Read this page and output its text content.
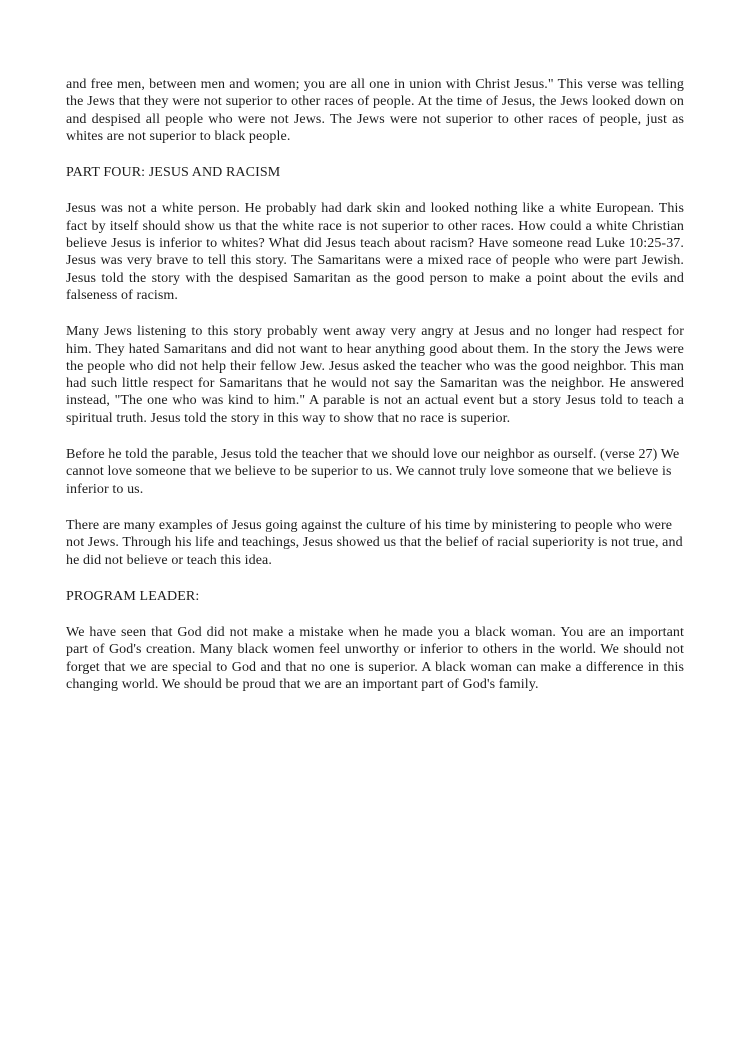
and free men, between men and women; you are all one in union with Christ Jesus." This verse was telling the Jews that they were not superior to other races of people. At the time of Jesus, the Jews looked down on and despised all people who were not Jews. The Jews were not superior to other races of people, just as whites are not superior to black people.

PART FOUR: JESUS AND RACISM

Jesus was not a white person. He probably had dark skin and looked nothing like a white European. This fact by itself should show us that the white race is not superior to other races. How could a white Christian believe Jesus is inferior to whites? What did Jesus teach about racism? Have someone read Luke 10:25-37. Jesus was very brave to tell this story. The Samaritans were a mixed race of people who were part Jewish. Jesus told the story with the despised Samaritan as the good person to make a point about the evils and falseness of racism.

Many Jews listening to this story probably went away very angry at Jesus and no longer had respect for him. They hated Samaritans and did not want to hear anything good about them. In the story the Jews were the people who did not help their fellow Jew. Jesus asked the teacher who was the good neighbor. This man had such little respect for Samaritans that he would not say the Samaritan was the neighbor. He answered instead, "The one who was kind to him." A parable is not an actual event but a story Jesus told to teach a spiritual truth. Jesus told the story in this way to show that no race is superior.

Before he told the parable, Jesus told the teacher that we should love our neighbor as ourself. (verse 27) We cannot love someone that we believe to be superior to us. We cannot truly love someone that we believe is inferior to us.

There are many examples of Jesus going against the culture of his time by ministering to people who were not Jews. Through his life and teachings, Jesus showed us that the belief of racial superiority is not true, and he did not believe or teach this idea.

PROGRAM LEADER:

We have seen that God did not make a mistake when he made you a black woman. You are an important part of God's creation. Many black women feel unworthy or inferior to others in the world. We should not forget that we are special to God and that no one is superior. A black woman can make a difference in this changing world. We should be proud that we are an important part of God's family.
